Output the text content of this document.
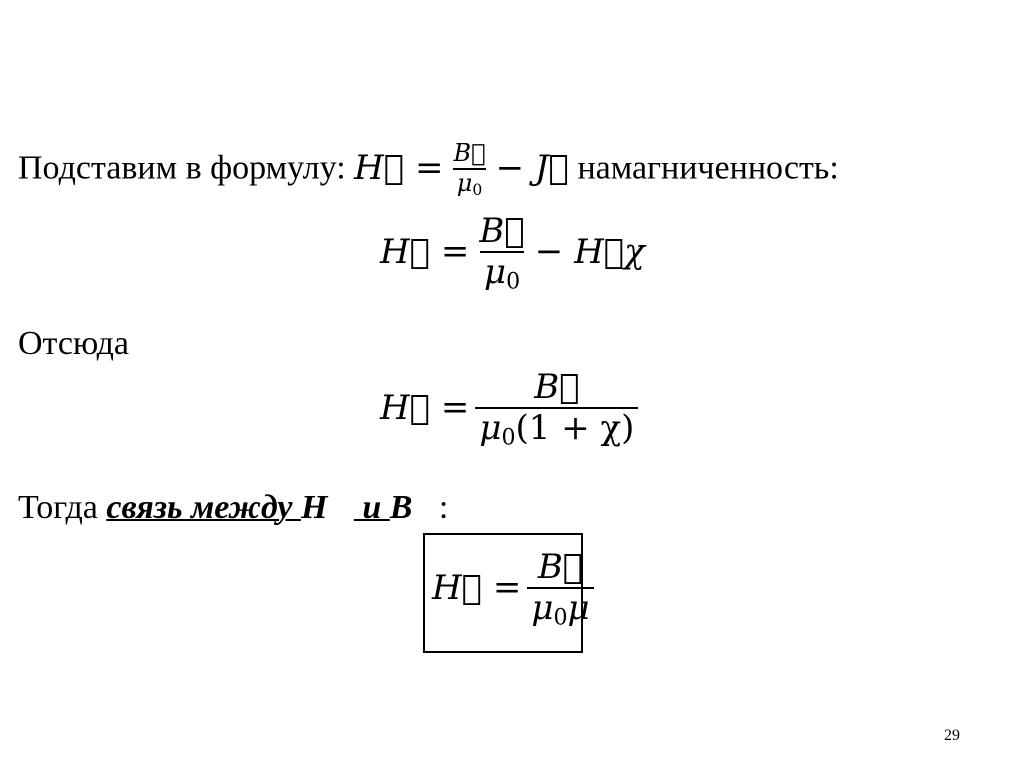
Подставим в формулу: H ⃗ = $\frac{B ⃗}{\mu_0} - J$ ⃗ намагниченность:
H ⃗ = $\frac{B ⃗}{\mu_0} - H$ ⃗χ
Отсюда
H ⃗ = $\frac{B ⃗}{\mu_0(1 + \chi)}$
Тогда связь между H ⃗ и B ⃗:
H ⃗ = $\frac{B ⃗}{\mu_0\mu}$
29
